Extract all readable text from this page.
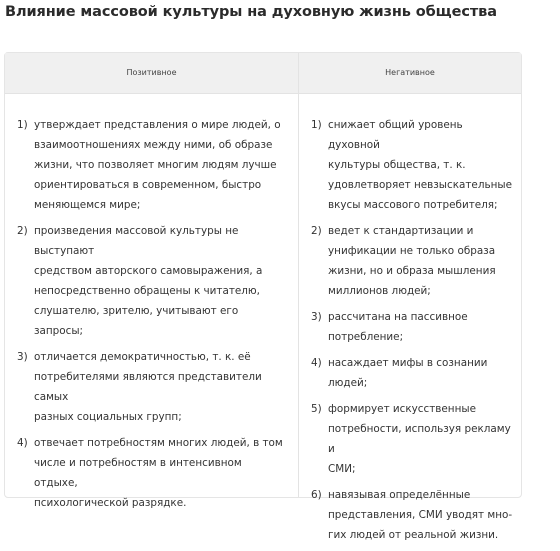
Влияние массовой культуры на духовную жизнь общества
Позитивное	Негативное
1) утверждает представления о мире людей, о
взаимоотношениях между ними, об образе
жизни, что позволяет многим людям лучше
ориентироваться в современном, быстро
меняющемся мире;
2) произведения массовой культуры не выступают
средством авторского самовыражения, а
непосредственно обращены к читателю,
слушателю, зрителю, учитывают его запросы;
3) отличается демократичностью, т. к. её
потребителями являются представители самых
разных социальных групп;
4) отвечает потребностям многих людей, в том
числе и потребностям в интенсивном отдыхе,
психологической разрядке.
1) снижает общий уровень духовной
культуры общества, т. к.
удовлетворяет невзыскательные
вкусы массового потребителя;
2) ведет к стандартизации и
унификации не только образа
жизни, но и образа мышления
миллионов людей;
3) рассчитана на пассивное
потребление;
4) насаждает мифы в сознании людей;
5) формирует искусственные
потребности, используя рекламу и
СМИ;
6) навязывая определённые
представления, СМИ уводят мно-
гих людей от реальной жизни.
